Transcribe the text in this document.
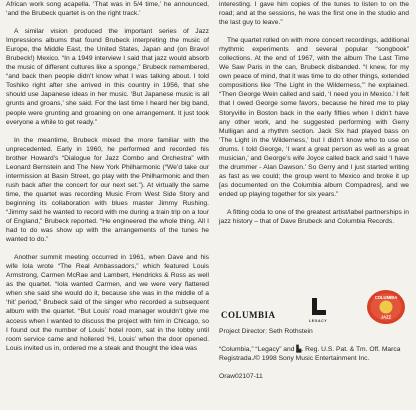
African work song acapella. ‘That was in 5/4 time,’ he announced, ‘and the Brubeck quartet is on the right track.’

A similar vision produced the important series of Jazz Impressions albums that found Brubeck interpreting the music of Europe, the Middle East, the United States, Japan and (on Bravo! Brubeck!) Mexico. “In a 1949 interview I said that jazz would absorb the music of different cultures like a sponge,” Brubeck remembered, “and back then people didn’t know what I was talking about. I told Toshiko right after she arrived in this country in 1956, that she should use Japanese ideas in her music. ‘But Japanese music is all grunts and groans,’ she said. For the last time I heard her big band, people were grunting and groaning on one arrangement. It just took everyone a while to get ready.”

In the meantime, Brubeck mixed the more familiar with the unprecedented. Early in 1960, he performed and recorded his brother Howard’s “Dialogue for Jazz Combo and Orchestra” with Leonard Bernstein and The New York Philharmonic (“We’d take our intermission at Basin Street, go play with the Philharmonic and then rush back after the concert for our next set.”). At virtually the same time, the quartet was recording Music From West Side Story and beginning its collaboration with blues master Jimmy Rushing. “Jimmy said he wanted to record with me during a train trip on a tour of England,” Brubeck reported. “He engineered the whole thing. All I had to do was show up with the arrangements of the tunes he wanted to do.”

Another summit meeting occurred in 1961, when Dave and his wife Iola wrote “The Real Ambassadors,” which featured Louis Armstrong, Carmen McRae and Lambert, Hendricks & Ross as well as the quartet. “Iola wanted Carmen, and we were very flattered when she said she would do it, because she was in the middle of a ‘hit’ period,” Brubeck said of the singer who recorded a subsequent album with the quartet. “But Louis’ road manager wouldn’t give me access when I wanted to discuss the project with him in Chicago, so I found out the number of Louis’ hotel room, sat in the lobby until room service came and hollered ‘Hi, Louis’ when the door opened. Louis invited us in, ordered me a steak and thought the idea was

interesting. I gave him copies of the tunes to listen to on the road; and at the sessions, he was the first one in the studio and the last guy to leave.”

The quartet rolled on with more concert recordings, additional rhythmic experiments and several popular “songbook” collections. At the end of 1967, with the album The Last Time We Saw Paris in the can, Brubeck disbanded. “I knew, for my own peace of mind, that it was time to do other things, extended compositions like ‘The Light in the Wilderness,’” he explained. “Then George Wein called and said, ‘I need you in Mexico.’ I felt that I owed George some favors, because he hired me to play Storyville in Boston back in the early fifties when I didn’t have any other work, and he suggested performing with Gerry Mulligan and a rhythm section. Jack Six had played bass on ‘The Light in the Wilderness,’ but I didn’t know who to use on drums. I told George, ‘I want a great person as well as a great musician,’ and George’s wife Joyce called back and said ‘I have the drummer - Alan Dawson.’ So Gerry and I just started writing as fast as we could; the group went to Mexico and broke it up [as documented on the Columbia album Compadres], and we ended up playing together for six years.”

A fitting coda to one of the greatest artist/label partnerships in jazz history – that of Dave Brubeck and Columbia Records.

COLUMBIA
LEGACY
COLUMBIA
JAZZ

Project Director: Seth Rothstein

“Columbia,” “Legacy” and ▙. Reg. U.S. Pat. & Tm. Off. Marca Registrada./© 1998 Sony Music Entertainment Inc.

Oraw02107-11
